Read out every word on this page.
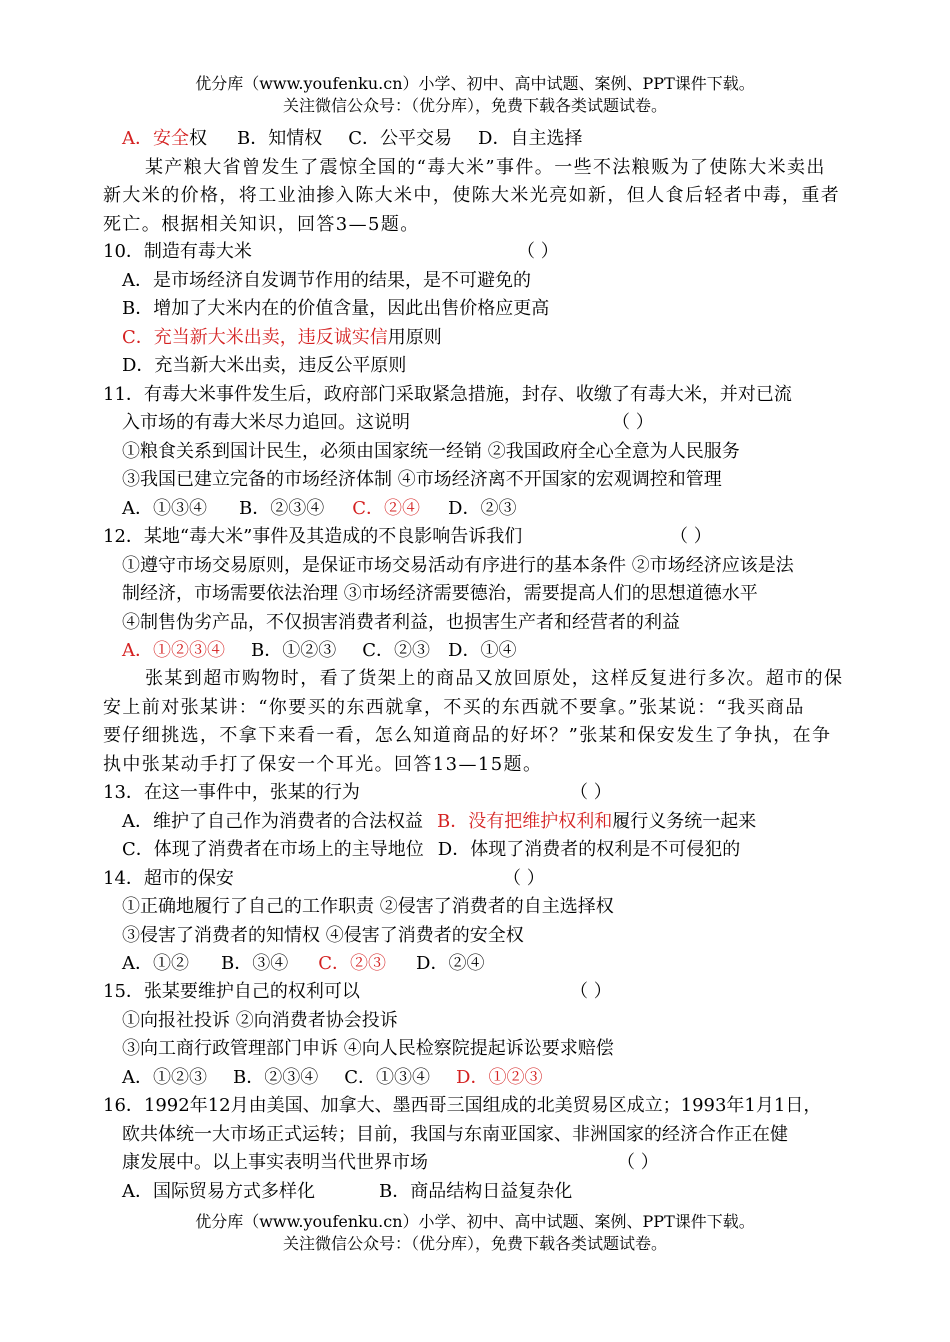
优分库（www.youfenku.cn）小学、初中、高中试题、案例、PPT课件下载。
关注微信公众号：（优分库），免费下载各类试题试卷。
A．安全权 B．知情权 C．公平交易 D．自主选择
某产粮大省曾发生了震惊全国的“毒大米”事件。一些不法粮贩为了使陈大米卖出
新大米的价格，将工业油掺入陈大米中，使陈大米光亮如新，但人食后轻者中毒，重者
死亡。根据相关知识，回答3—5题。
10．制造有毒大米	（ ）
A．是市场经济自发调节作用的结果，是不可避免的
B．增加了大米内在的价值含量，因此出售价格应更高
C．充当新大米出卖，违反诚实信用原则
D．充当新大米出卖，违反公平原则
11．有毒大米事件发生后，政府部门采取紧急措施，封存、收缴了有毒大米，并对已流
入市场的有毒大米尽力追回。这说明	（ ）
①粮食关系到国计民生，必须由国家统一经销 ②我国政府全心全意为人民服务
③我国已建立完备的市场经济体制 ④市场经济离不开国家的宏观调控和管理
A．①③④ B．②③④ C．②④ D．②③
12．某地“毒大米”事件及其造成的不良影响告诉我们	（ ）
①遵守市场交易原则，是保证市场交易活动有序进行的基本条件 ②市场经济应该是法
制经济，市场需要依法治理 ③市场经济需要德治，需要提高人们的思想道德水平
④制售伪劣产品，不仅损害消费者利益，也损害生产者和经营者的利益
A．①②③④ B．①②③ C．②③ D．①④
张某到超市购物时，看了货架上的商品又放回原处，这样反复进行多次。超市的保
安上前对张某讲：“你要买的东西就拿，不买的东西就不要拿。”张某说：“我买商品
要仔细挑选，不拿下来看一看，怎么知道商品的好坏？”张某和保安发生了争执，在争
执中张某动手打了保安一个耳光。回答13—15题。
13．在这一事件中，张某的行为	（ ）
A．维护了自己作为消费者的合法权益 B．没有把维护权利和履行义务统一起来
C．体现了消费者在市场上的主导地位 D．体现了消费者的权利是不可侵犯的
14．超市的保安	（ ）
①正确地履行了自己的工作职责 ②侵害了消费者的自主选择权
③侵害了消费者的知情权 ④侵害了消费者的安全权
A．①② B．③④ C．②③ D．②④
15．张某要维护自己的权利可以	（ ）
①向报社投诉 ②向消费者协会投诉
③向工商行政管理部门申诉 ④向人民检察院提起诉讼要求赔偿
A．①②③ B．②③④ C．①③④ D．①②③
16．1992年12月由美国、加拿大、墨西哥三国组成的北美贸易区成立；1993年1月1日，
欧共体统一大市场正式运转；目前，我国与东南亚国家、非洲国家的经济合作正在健
康发展中。以上事实表明当代世界市场	（ ）
A．国际贸易方式多样化	B．商品结构日益复杂化
优分库（www.youfenku.cn）小学、初中、高中试题、案例、PPT课件下载。
关注微信公众号：（优分库），免费下载各类试题试卷。
